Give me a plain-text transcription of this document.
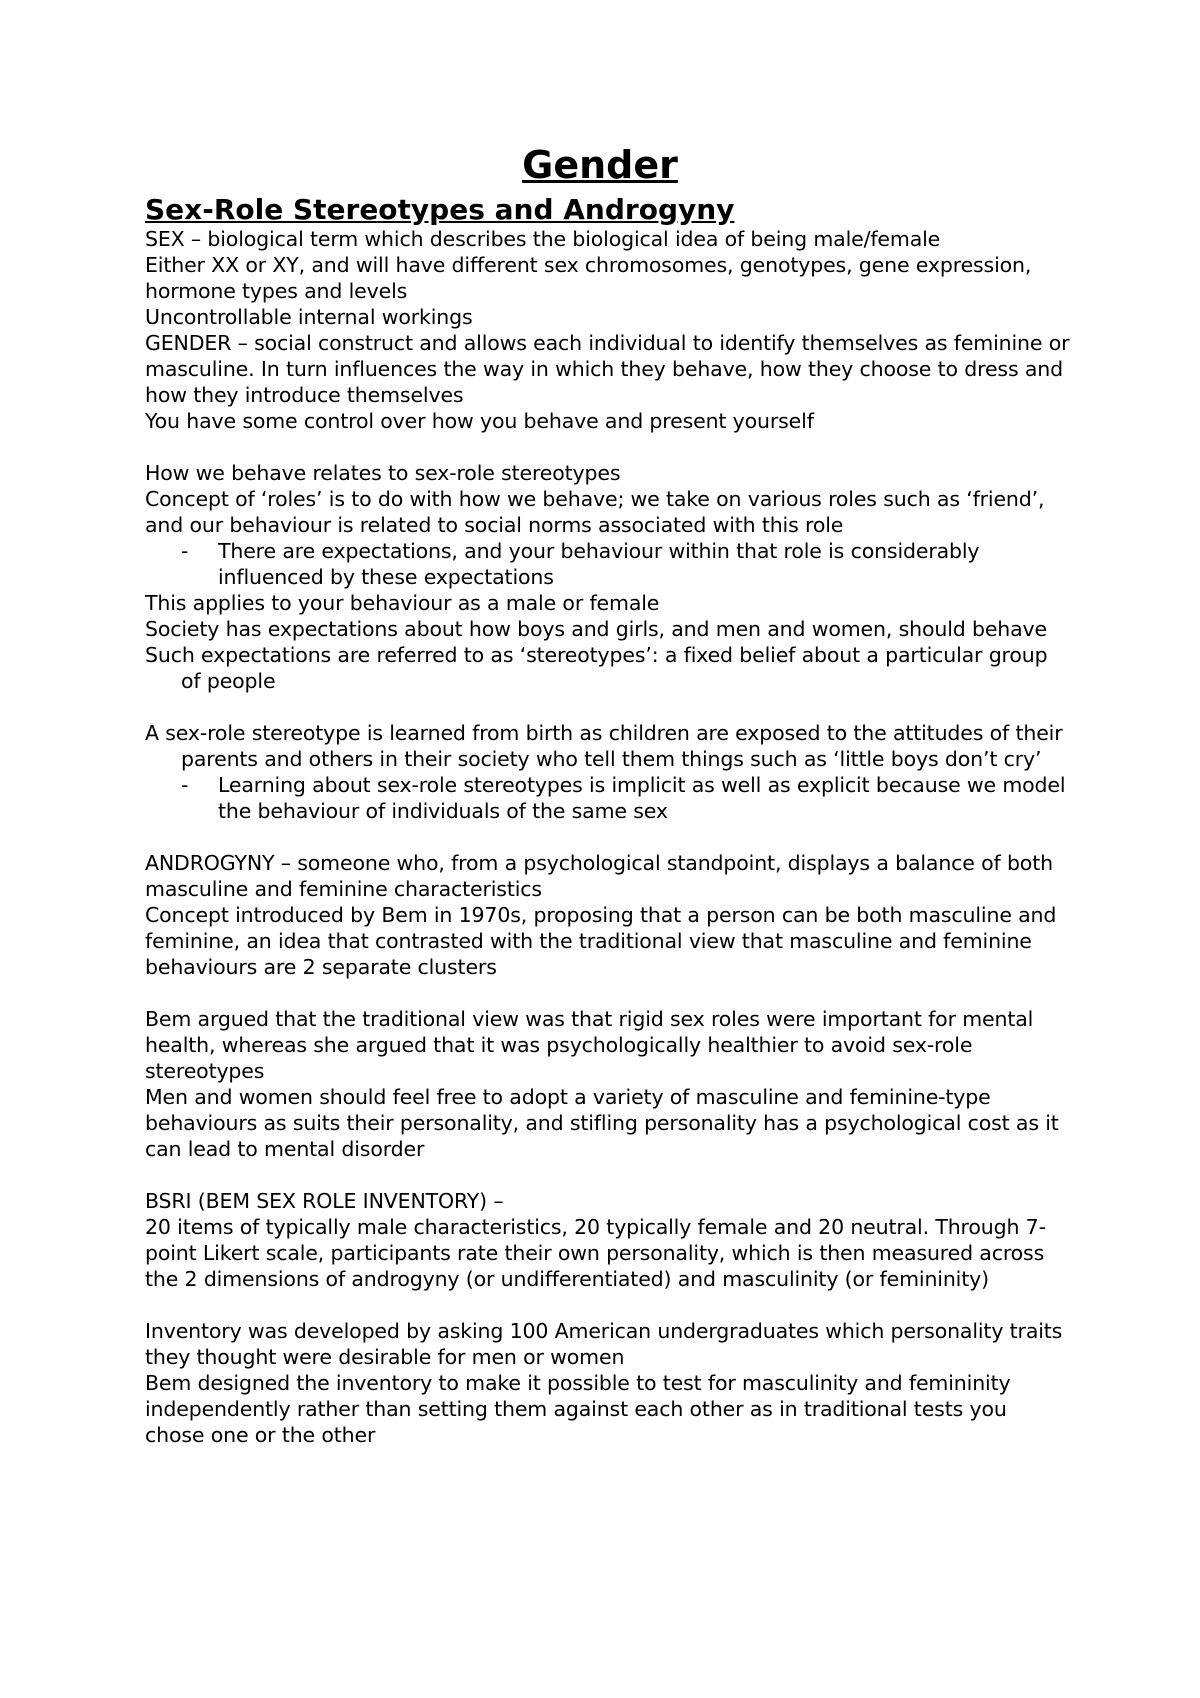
Gender
Sex-Role Stereotypes and Androgyny

SEX – biological term which describes the biological idea of being male/female

Either XX or XY, and will have different sex chromosomes, genotypes, gene expression, hormone types and levels

Uncontrollable internal workings

GENDER – social construct and allows each individual to identify themselves as feminine or masculine. In turn influences the way in which they behave, how they choose to dress and how they introduce themselves

You have some control over how you behave and present yourself

How we behave relates to sex-role stereotypes

Concept of ‘roles’ is to do with how we behave; we take on various roles such as ‘friend’, and our behaviour is related to social norms associated with this role

- There are expectations, and your behaviour within that role is considerably influenced by these expectations

This applies to your behaviour as a male or female

Society has expectations about how boys and girls, and men and women, should behave

Such expectations are referred to as ‘stereotypes’: a fixed belief about a particular group of people

A sex-role stereotype is learned from birth as children are exposed to the attitudes of their parents and others in their society who tell them things such as ‘little boys don’t cry’

- Learning about sex-role stereotypes is implicit as well as explicit because we model the behaviour of individuals of the same sex

ANDROGYNY – someone who, from a psychological standpoint, displays a balance of both masculine and feminine characteristics

Concept introduced by Bem in 1970s, proposing that a person can be both masculine and feminine, an idea that contrasted with the traditional view that masculine and feminine behaviours are 2 separate clusters

Bem argued that the traditional view was that rigid sex roles were important for mental health, whereas she argued that it was psychologically healthier to avoid sex-role stereotypes

Men and women should feel free to adopt a variety of masculine and feminine-type behaviours as suits their personality, and stifling personality has a psychological cost as it can lead to mental disorder

BSRI (BEM SEX ROLE INVENTORY) –

20 items of typically male characteristics, 20 typically female and 20 neutral. Through 7-point Likert scale, participants rate their own personality, which is then measured across the 2 dimensions of androgyny (or undifferentiated) and masculinity (or femininity)

Inventory was developed by asking 100 American undergraduates which personality traits they thought were desirable for men or women

Bem designed the inventory to make it possible to test for masculinity and femininity independently rather than setting them against each other as in traditional tests you chose one or the other
